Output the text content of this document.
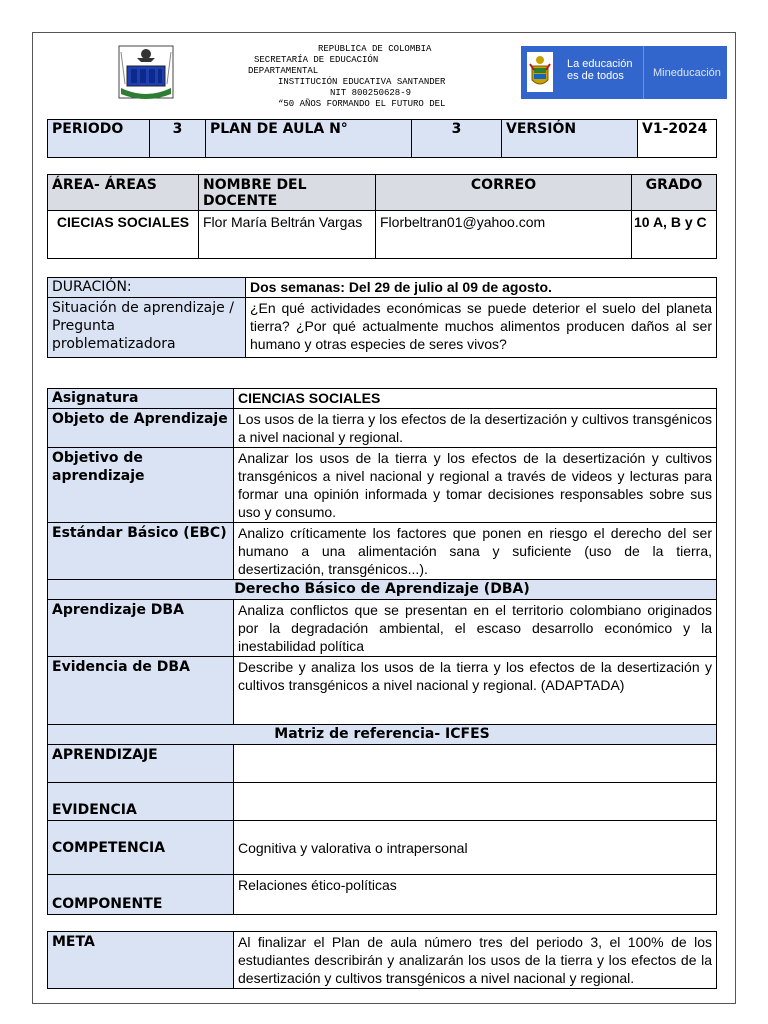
REPÚBLICA DE COLOMBIA
SECRETARÍA DE EDUCACIÓN
DEPARTAMENTAL
INSTITUCIÓN EDUCATIVA SANTANDER
NIT 800250628-9
“50 AÑOS FORMANDO EL FUTURO DEL
La educación
es de todos	Mineducación
PERIODO	3	PLAN DE AULA N°	3	VERSIÓN	V1-2024
ÁREA- ÁREAS	NOMBRE DEL DOCENTE	CORREO	GRADO
CIECIAS SOCIALES	Flor María Beltrán Vargas	Florbeltran01@yahoo.com	10 A, B y C
DURACIÓN:	Dos semanas: Del 29 de julio al 09 de agosto.
Situación de aprendizaje / Pregunta problematizadora	¿En qué actividades económicas se puede deterior el suelo del planeta tierra? ¿Por qué actualmente muchos alimentos producen daños al ser humano y otras especies de seres vivos?
Asignatura	CIENCIAS SOCIALES
Objeto de Aprendizaje	Los usos de la tierra y los efectos de la desertización y cultivos transgénicos a nivel nacional y regional.
Objetivo de aprendizaje	Analizar los usos de la tierra y los efectos de la desertización y cultivos transgénicos a nivel nacional y regional a través de videos y lecturas para formar una opinión informada y tomar decisiones responsables sobre sus uso y consumo.
Estándar Básico (EBC)	Analizo críticamente los factores que ponen en riesgo el derecho del ser humano a una alimentación sana y suficiente (uso de la tierra, desertización, transgénicos...).
Derecho Básico de Aprendizaje (DBA)	
Aprendizaje DBA	Analiza conflictos que se presentan en el territorio colombiano originados por la degradación ambiental, el escaso desarrollo económico y la inestabilidad política
Evidencia de DBA	Describe y analiza los usos de la tierra y los efectos de la desertización y cultivos transgénicos a nivel nacional y regional. (ADAPTADA)
Matriz de referencia- ICFES	
APRENDIZAJE	
EVIDENCIA	
COMPETENCIA	Cognitiva y valorativa o intrapersonal
COMPONENTE	Relaciones ético-políticas
META	Al finalizar el Plan de aula número tres del periodo 3, el 100% de los estudiantes describirán y analizarán los usos de la tierra y los efectos de la desertización y cultivos transgénicos a nivel nacional y regional.
